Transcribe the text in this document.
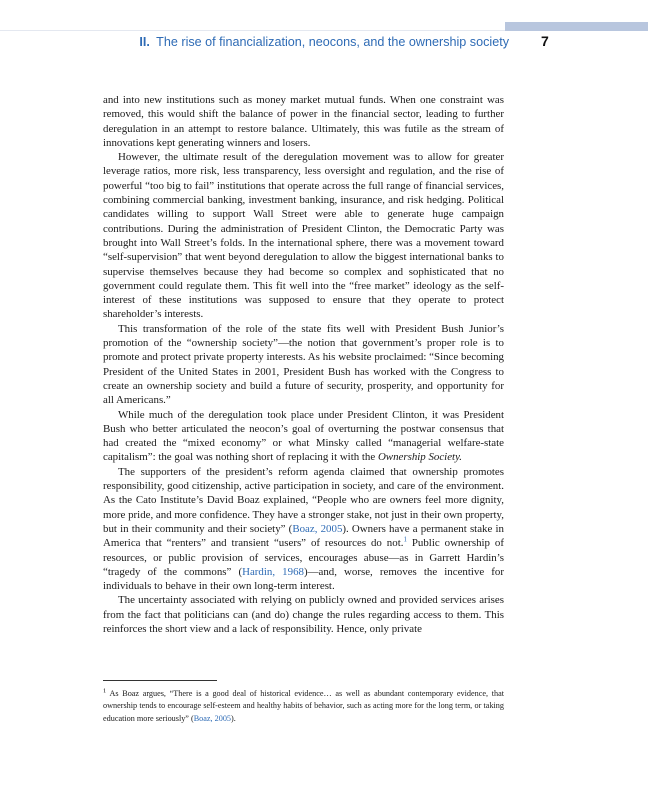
II. The rise of financialization, neocons, and the ownership society 7

and into new institutions such as money market mutual funds. When one constraint was removed, this would shift the balance of power in the financial sector, leading to further deregulation in an attempt to restore balance. Ultimately, this was futile as the stream of innovations kept generating winners and losers.

However, the ultimate result of the deregulation movement was to allow for greater leverage ratios, more risk, less transparency, less oversight and regulation, and the rise of powerful “too big to fail” institutions that operate across the full range of financial services, combining commercial banking, investment banking, insurance, and risk hedging. Political candidates willing to support Wall Street were able to generate huge campaign contributions. During the administration of President Clinton, the Democratic Party was brought into Wall Street’s folds. In the international sphere, there was a movement toward “self-supervision” that went beyond deregulation to allow the biggest international banks to supervise themselves because they had become so complex and sophisticated that no government could regulate them. This fit well into the “free market” ideology as the self-interest of these institutions was supposed to ensure that they operate to protect shareholder’s interests.

This transformation of the role of the state fits well with President Bush Junior’s promotion of the “ownership society”—the notion that government’s proper role is to promote and protect private property interests. As his website proclaimed: “Since becoming President of the United States in 2001, President Bush has worked with the Congress to create an ownership society and build a future of security, prosperity, and opportunity for all Americans.”

While much of the deregulation took place under President Clinton, it was President Bush who better articulated the neocon’s goal of overturning the postwar consensus that had created the “mixed economy” or what Minsky called “managerial welfare-state capitalism”: the goal was nothing short of replacing it with the Ownership Society.

The supporters of the president’s reform agenda claimed that ownership promotes responsibility, good citizenship, active participation in society, and care of the environment. As the Cato Institute’s David Boaz explained, “People who are owners feel more dignity, more pride, and more confidence. They have a stronger stake, not just in their own property, but in their community and their society” (Boaz, 2005). Owners have a permanent stake in America that “renters” and transient “users” of resources do not.$^1$ Public ownership of resources, or public provision of services, encourages abuse—as in Garrett Hardin’s “tragedy of the commons” (Hardin, 1968)—and, worse, removes the incentive for individuals to behave in their own long-term interest.

The uncertainty associated with relying on publicly owned and provided services arises from the fact that politicians can (and do) change the rules regarding access to them. This reinforces the short view and a lack of responsibility. Hence, only private

$^1$ As Boaz argues, “There is a good deal of historical evidence… as well as abundant contemporary evidence, that ownership tends to encourage self-esteem and healthy habits of behavior, such as acting more for the long term, or taking education more seriously” (Boaz, 2005).
